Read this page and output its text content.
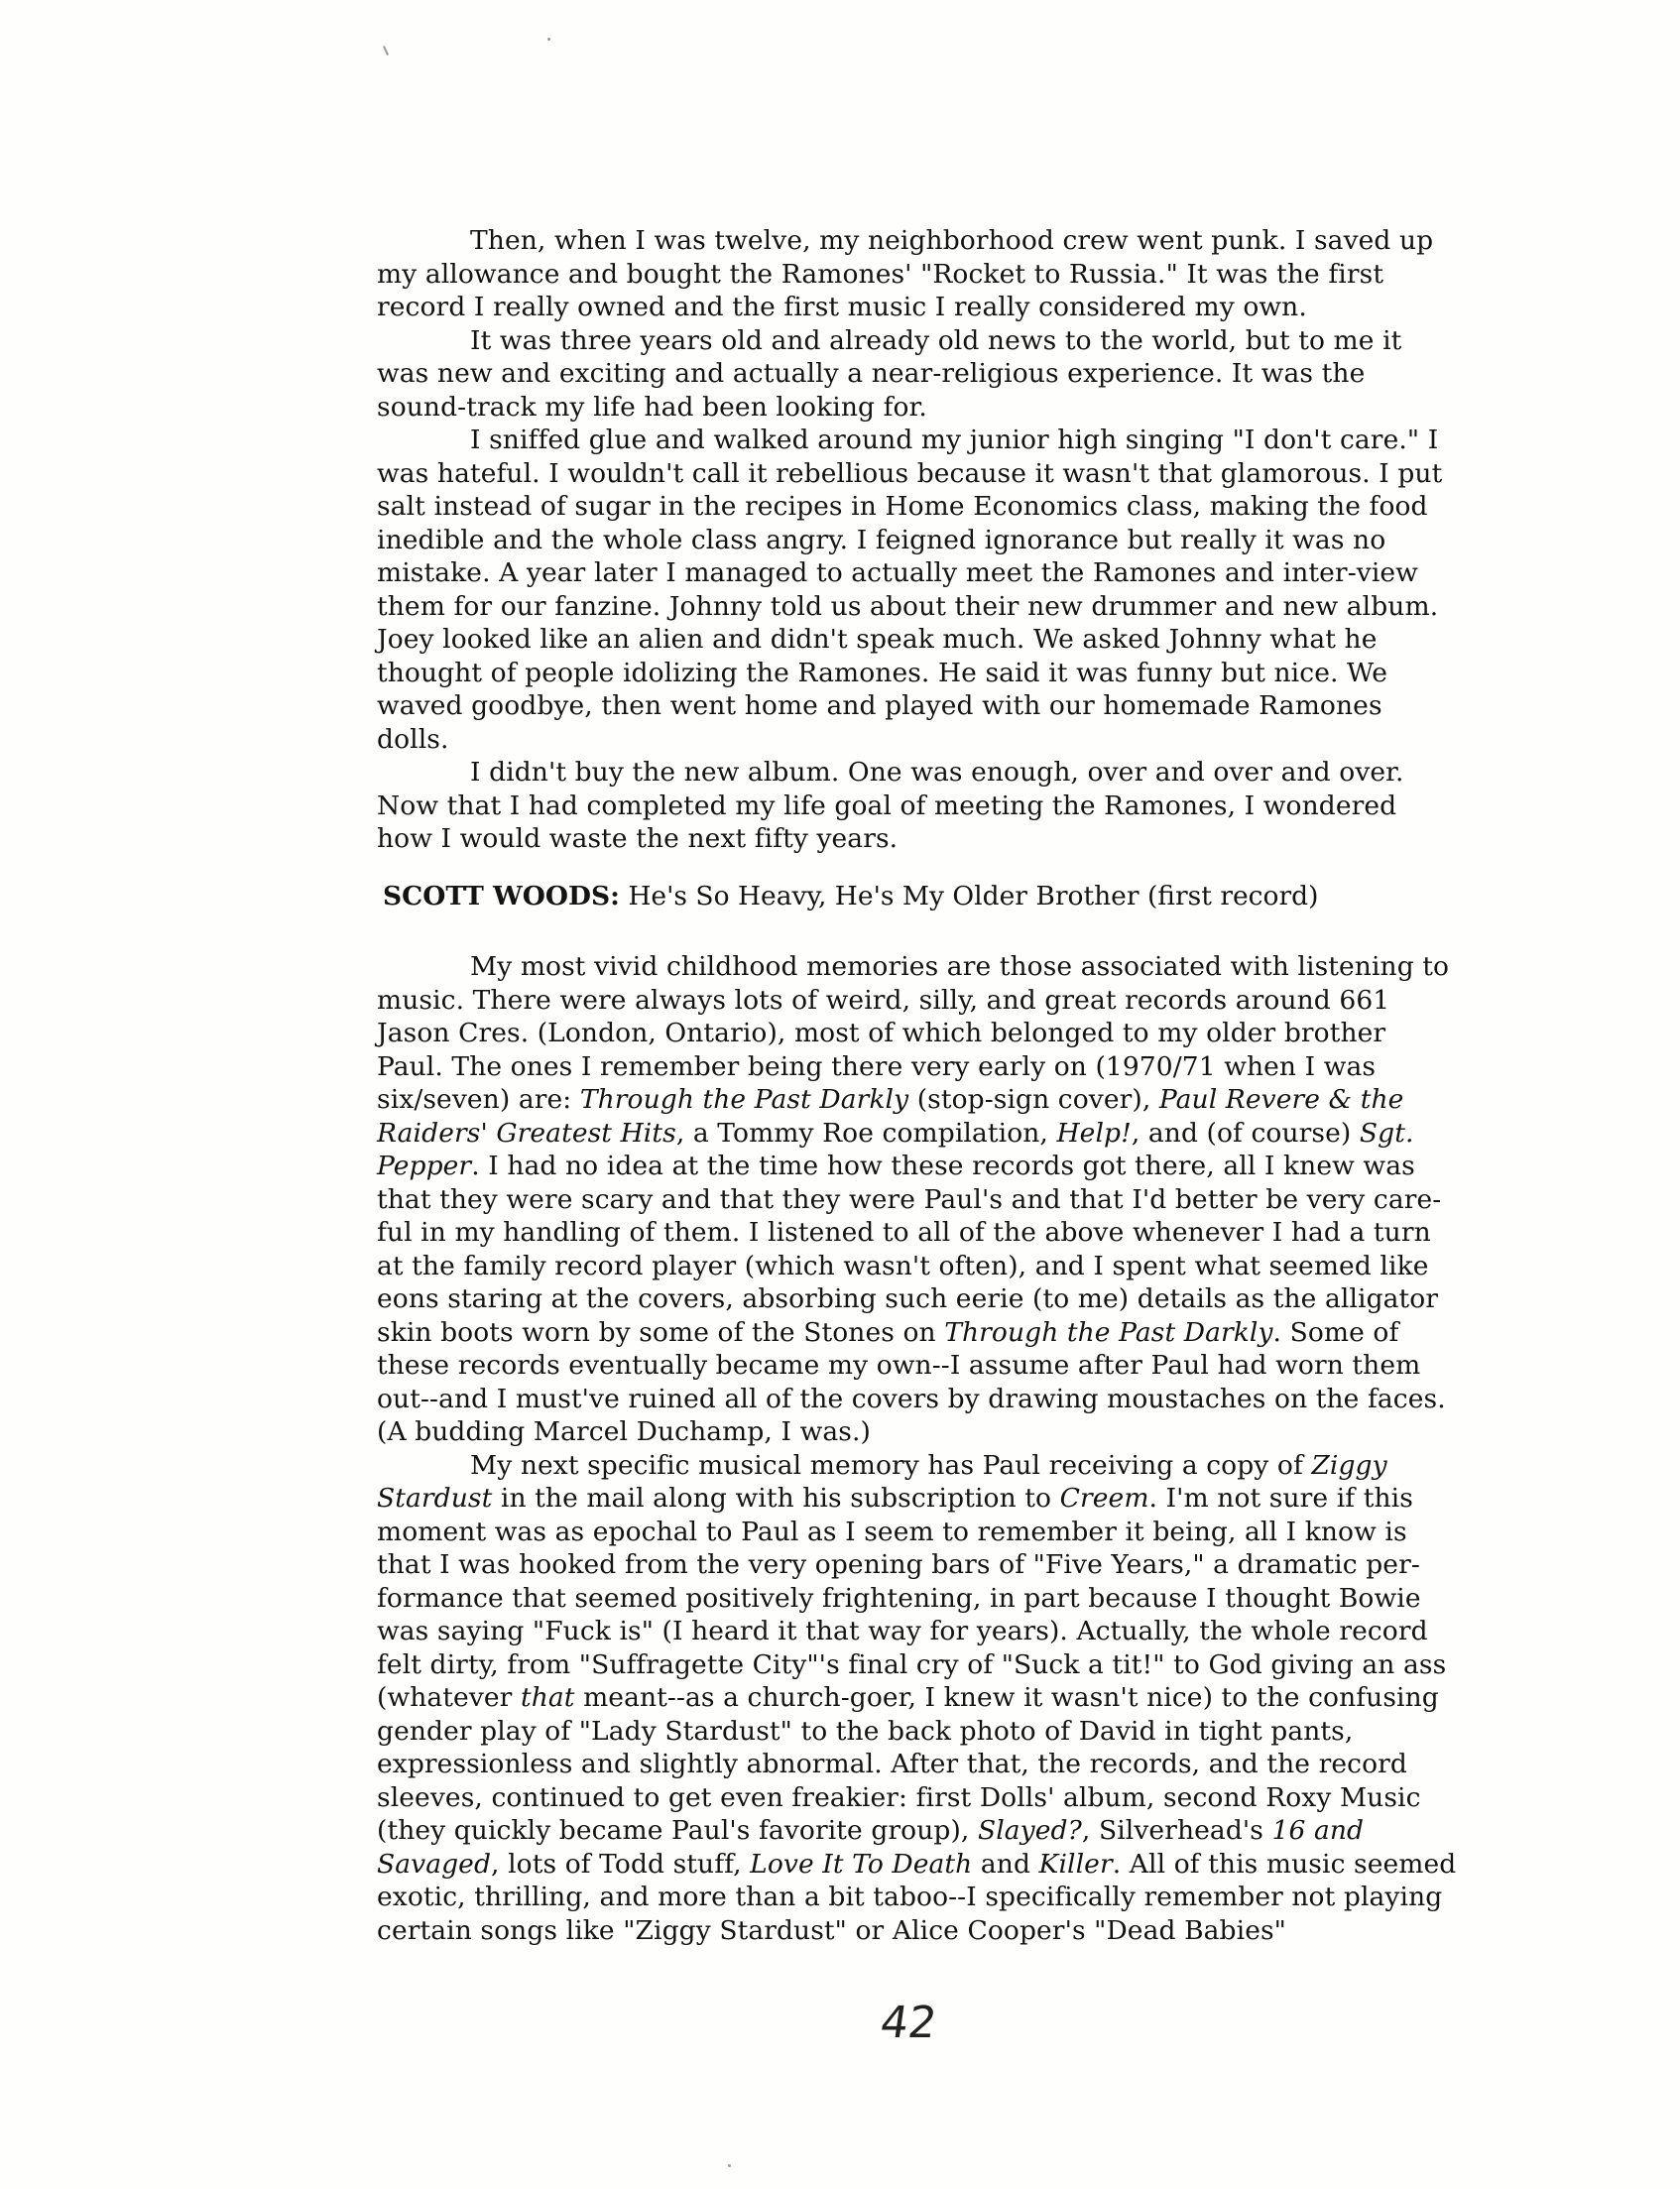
Then, when I was twelve, my neighborhood crew went punk. I saved up my allowance and bought the Ramones' "Rocket to Russia." It was the first record I really owned and the first music I really considered my own.

It was three years old and already old news to the world, but to me it was new and exciting and actually a near-religious experience. It was the sound-track my life had been looking for.

I sniffed glue and walked around my junior high singing "I don't care." I was hateful. I wouldn't call it rebellious because it wasn't that glamorous. I put salt instead of sugar in the recipes in Home Economics class, making the food inedible and the whole class angry. I feigned ignorance but really it was no mistake. A year later I managed to actually meet the Ramones and inter-view them for our fanzine. Johnny told us about their new drummer and new album. Joey looked like an alien and didn't speak much. We asked Johnny what he thought of people idolizing the Ramones. He said it was funny but nice. We waved goodbye, then went home and played with our homemade Ramones dolls.

I didn't buy the new album. One was enough, over and over and over. Now that I had completed my life goal of meeting the Ramones, I wondered how I would waste the next fifty years.

SCOTT WOODS: He's So Heavy, He's My Older Brother (first record)

My most vivid childhood memories are those associated with listening to music. There were always lots of weird, silly, and great records around 661 Jason Cres. (London, Ontario), most of which belonged to my older brother Paul. The ones I remember being there very early on (1970/71 when I was six/seven) are: Through the Past Darkly (stop-sign cover), Paul Revere & the Raiders' Greatest Hits, a Tommy Roe compilation, Help!, and (of course) Sgt. Pepper. I had no idea at the time how these records got there, all I knew was that they were scary and that they were Paul's and that I'd better be very care-ful in my handling of them. I listened to all of the above whenever I had a turn at the family record player (which wasn't often), and I spent what seemed like eons staring at the covers, absorbing such eerie (to me) details as the alligator skin boots worn by some of the Stones on Through the Past Darkly. Some of these records eventually became my own--I assume after Paul had worn them out--and I must've ruined all of the covers by drawing moustaches on the faces. (A budding Marcel Duchamp, I was.)

My next specific musical memory has Paul receiving a copy of Ziggy Stardust in the mail along with his subscription to Creem. I'm not sure if this moment was as epochal to Paul as I seem to remember it being, all I know is that I was hooked from the very opening bars of "Five Years," a dramatic per-formance that seemed positively frightening, in part because I thought Bowie was saying "Fuck is" (I heard it that way for years). Actually, the whole record felt dirty, from "Suffragette City"'s final cry of "Suck a tit!" to God giving an ass (whatever that meant--as a church-goer, I knew it wasn't nice) to the confusing gender play of "Lady Stardust" to the back photo of David in tight pants, expressionless and slightly abnormal. After that, the records, and the record sleeves, continued to get even freakier: first Dolls' album, second Roxy Music (they quickly became Paul's favorite group), Slayed?, Silverhead's 16 and Savaged, lots of Todd stuff, Love It To Death and Killer. All of this music seemed exotic, thrilling, and more than a bit taboo--I specifically remember not playing certain songs like "Ziggy Stardust" or Alice Cooper's "Dead Babies"

42
